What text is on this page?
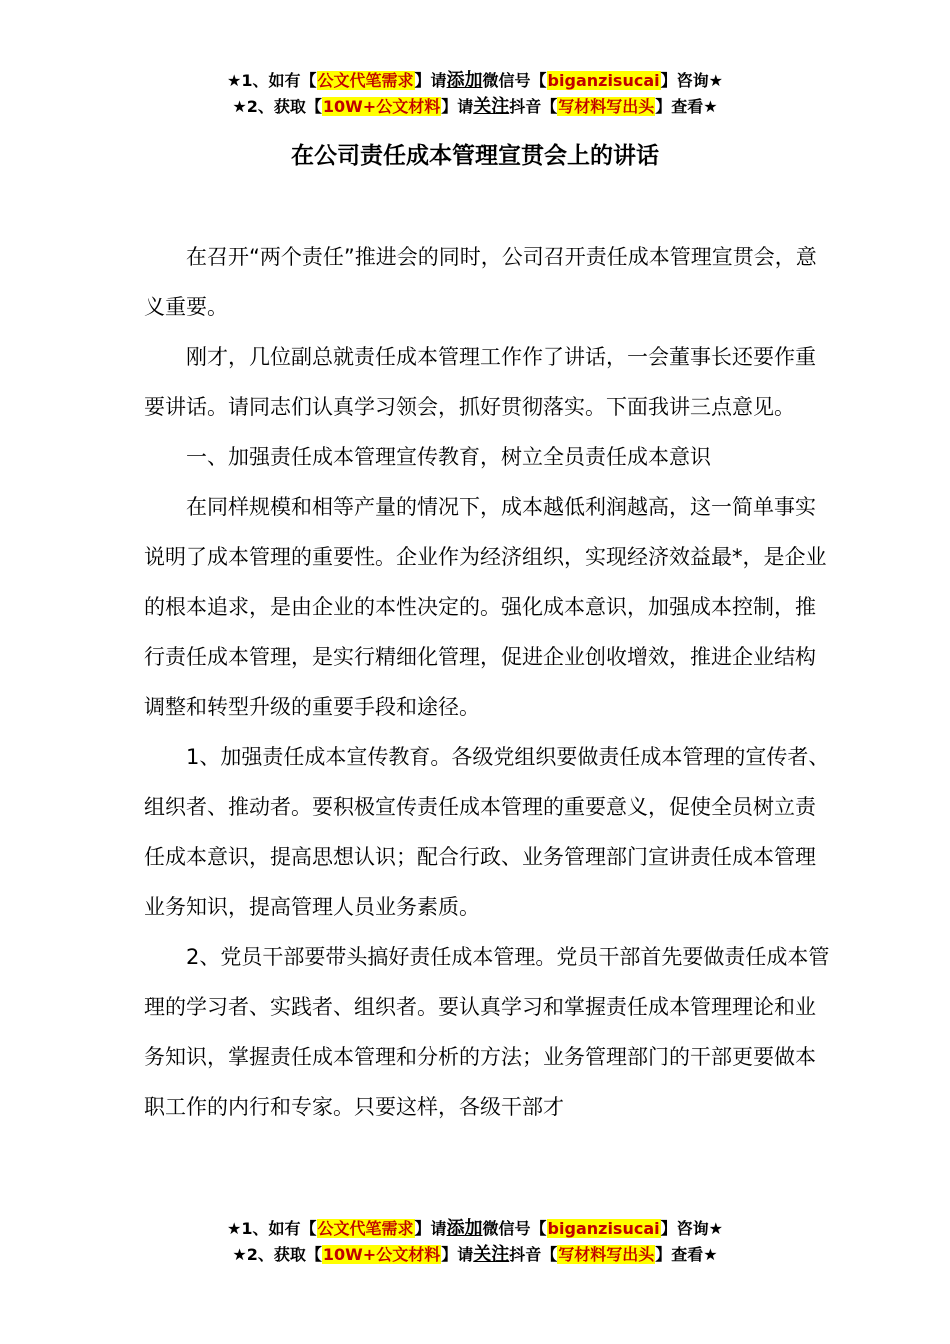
★1、如有【公文代笔需求】请添加微信号【biganzisucai】咨询★
★2、获取【10W+公文材料】请关注抖音【写材料写出头】查看★
在公司责任成本管理宣贯会上的讲话

在召开“两个责任”推进会的同时，公司召开责任成本管理宣贯会，意义重要。

刚才，几位副总就责任成本管理工作作了讲话，一会董事长还要作重要讲话。请同志们认真学习领会，抓好贯彻落实。下面我讲三点意见。

一、加强责任成本管理宣传教育，树立全员责任成本意识

在同样规模和相等产量的情况下，成本越低利润越高，这一简单事实说明了成本管理的重要性。企业作为经济组织，实现经济效益最*，是企业的根本追求，是由企业的本性决定的。强化成本意识，加强成本控制，推行责任成本管理，是实行精细化管理，促进企业创收增效，推进企业结构调整和转型升级的重要手段和途径。

1、加强责任成本宣传教育。各级党组织要做责任成本管理的宣传者、组织者、推动者。要积极宣传责任成本管理的重要意义，促使全员树立责任成本意识，提高思想认识；配合行政、业务管理部门宣讲责任成本管理业务知识，提高管理人员业务素质。

2、党员干部要带头搞好责任成本管理。党员干部首先要做责任成本管理的学习者、实践者、组织者。要认真学习和掌握责任成本管理理论和业务知识，掌握责任成本管理和分析的方法；业务管理部门的干部更要做本职工作的内行和专家。只要这样，各级干部才

★1、如有【公文代笔需求】请添加微信号【biganzisucai】咨询★
★2、获取【10W+公文材料】请关注抖音【写材料写出头】查看★
